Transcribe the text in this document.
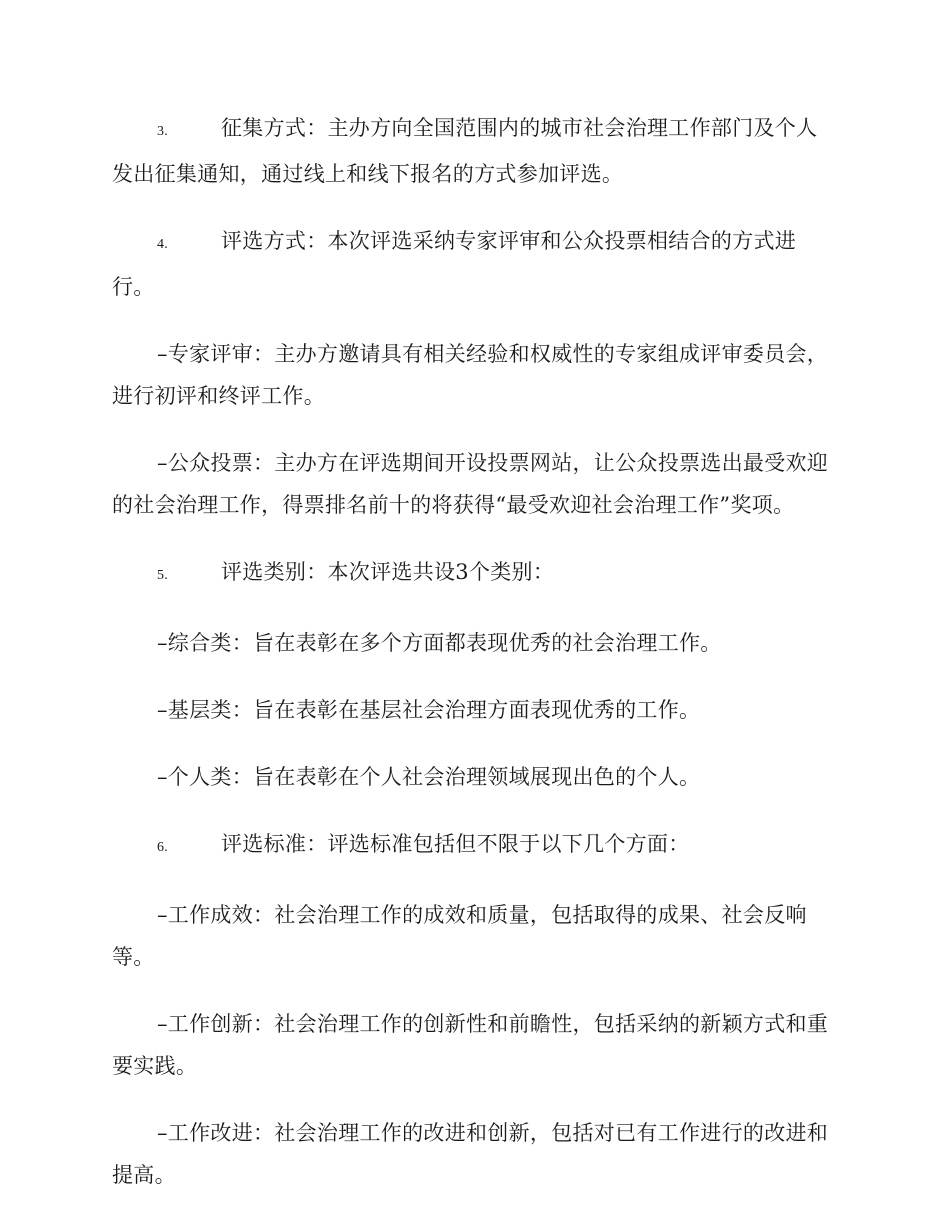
3.	征集方式：主办方向全国范围内的城市社会治理工作部门及个人发出征集通知，通过线上和线下报名的方式参加评选。

4.	评选方式：本次评选采纳专家评审和公众投票相结合的方式进行。

–专家评审：主办方邀请具有相关经验和权威性的专家组成评审委员会，进行初评和终评工作。

–公众投票：主办方在评选期间开设投票网站，让公众投票选出最受欢迎的社会治理工作，得票排名前十的将获得“最受欢迎社会治理工作”奖项。

5.	评选类别：本次评选共设3个类别：

–综合类：旨在表彰在多个方面都表现优秀的社会治理工作。

–基层类：旨在表彰在基层社会治理方面表现优秀的工作。

–个人类：旨在表彰在个人社会治理领域展现出色的个人。

6.	评选标准：评选标准包括但不限于以下几个方面：

–工作成效：社会治理工作的成效和质量，包括取得的成果、社会反响等。

–工作创新：社会治理工作的创新性和前瞻性，包括采纳的新颖方式和重要实践。

–工作改进：社会治理工作的改进和创新，包括对已有工作进行的改进和提高。
